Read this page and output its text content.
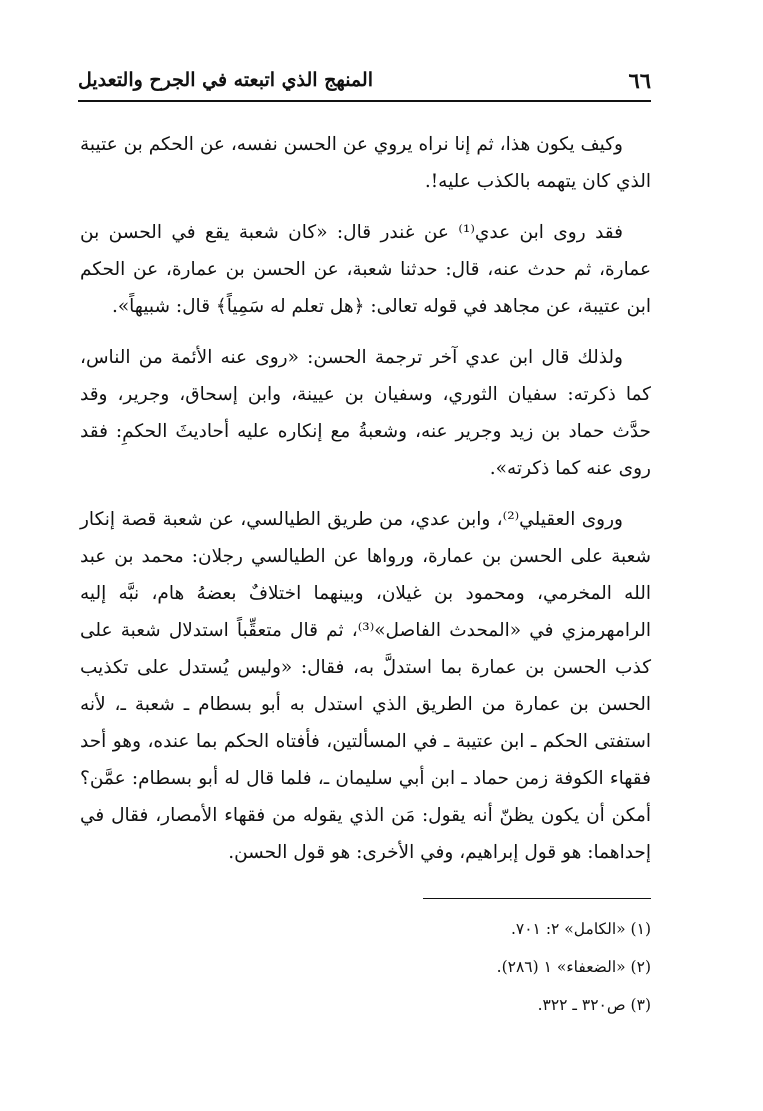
٦٦
المنهج الذي اتبعته في الجرح والتعديل

وكيف يكون هذا، ثم إنا نراه يروي عن الحسن نفسه، عن الحكم بن عتيبة الذي كان يتهمه بالكذب عليه!.

فقد روى ابن عدي⁽¹⁾ عن غندر قال: «كان شعبة يقع في الحسن بن عمارة، ثم حدث عنه، قال: حدثنا شعبة، عن الحسن بن عمارة، عن الحكم ابن عتيبة، عن مجاهد في قوله تعالى: ﴿هل تعلم له سَمِياً﴾ قال: شبيهاً».

ولذلك قال ابن عدي آخر ترجمة الحسن: «روى عنه الأئمة من الناس، كما ذكرته: سفيان الثوري، وسفيان بن عيينة، وابن إسحاق، وجرير، وقد حدَّث حماد بن زيد وجرير عنه، وشعبةُ مع إنكاره عليه أحاديثَ الحكمِ: فقد روى عنه كما ذكرته».

وروى العقيلي⁽²⁾، وابن عدي، من طريق الطيالسي، عن شعبة قصة إنكار شعبة على الحسن بن عمارة، ورواها عن الطيالسي رجلان: محمد بن عبد الله المخرمي، ومحمود بن غيلان، وبينهما اختلافٌ بعضهُ هام، نبَّه إليه الرامهرمزي في «المحدث الفاصل»⁽³⁾، ثم قال متعقِّباً استدلال شعبة على كذب الحسن بن عمارة بما استدلَّ به، فقال: «وليس يُستدل على تكذيب الحسن بن عمارة من الطريق الذي استدل به أبو بسطام ـ شعبة ـ، لأنه استفتى الحكم ـ ابن عتيبة ـ في المسألتين، فأفتاه الحكم بما عنده، وهو أحد فقهاء الكوفة زمن حماد ـ ابن أبي سليمان ـ، فلما قال له أبو بسطام: عمَّن؟ أمكن أن يكون يظنّ أنه يقول: مَن الذي يقوله من فقهاء الأمصار، فقال في إحداهما: هو قول إبراهيم، وفي الأخرى: هو قول الحسن.

(١) «الكامل» ٢: ٧٠١.

(٢) «الضعفاء» ١ (٢٨٦).

(٣) ص٣٢٠ ـ ٣٢٢.
